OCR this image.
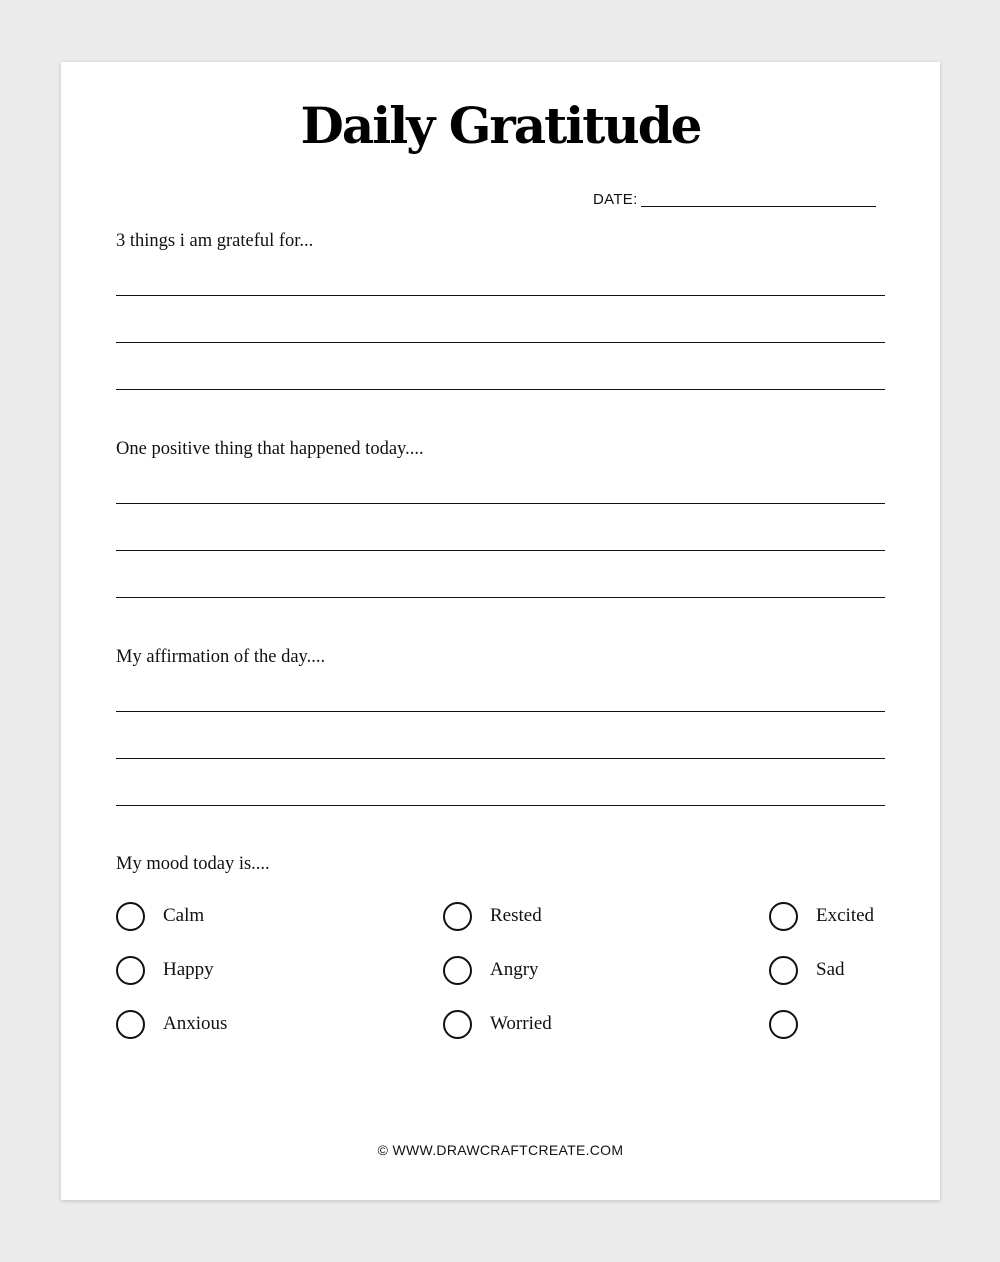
Daily Gratitude
DATE:
3 things i am grateful for...
One positive thing that happened today....
My affirmation of the day....
My mood today is....
Calm	Rested	Excited
Happy	Angry	Sad
Anxious	Worried
© WWW.DRAWCRAFTCREATE.COM
